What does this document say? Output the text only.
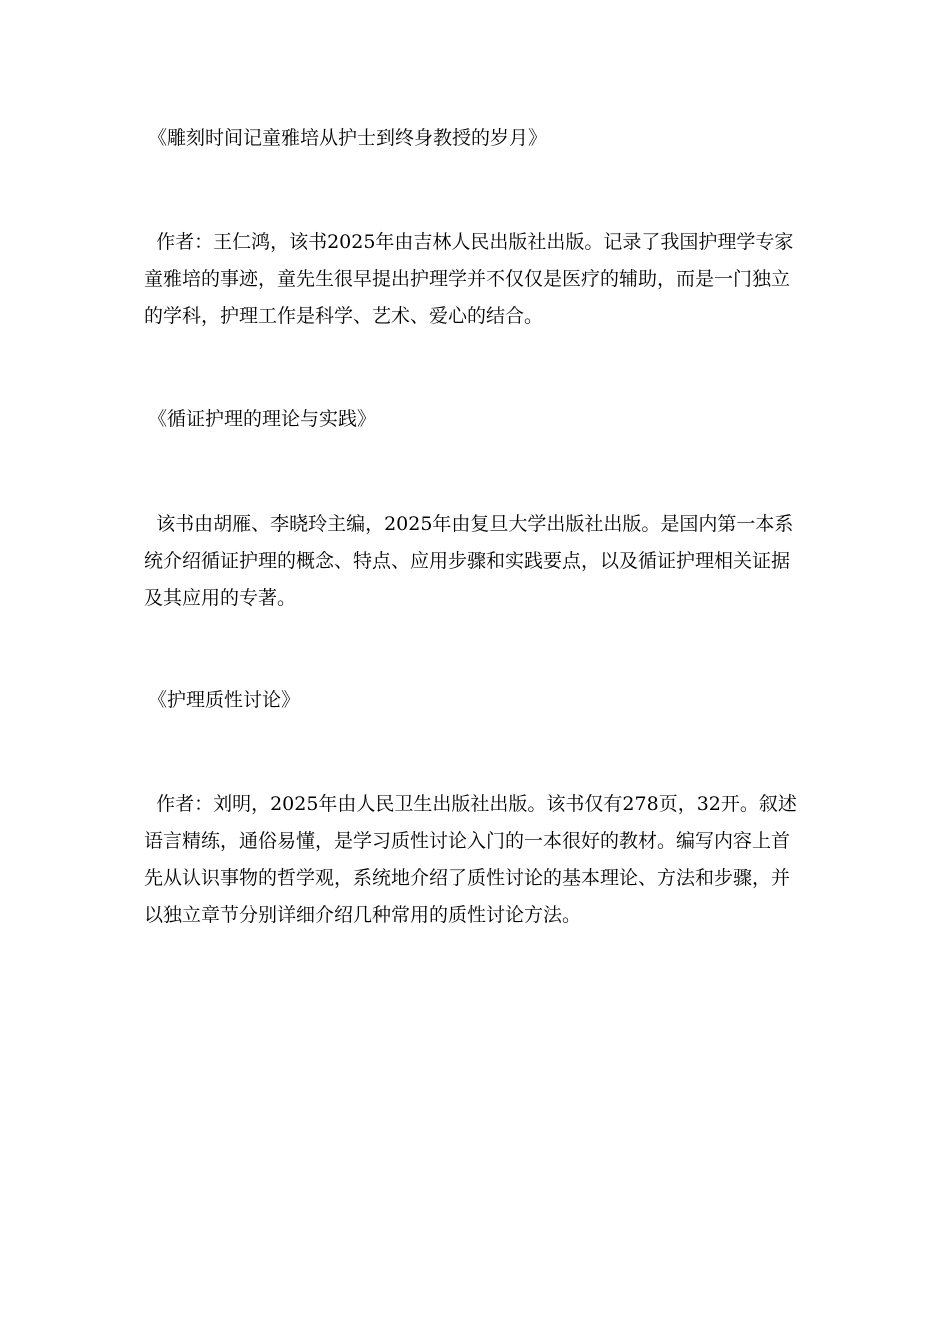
《雕刻时间记童雅培从护士到终身教授的岁月》

作者：王仁鸿，该书2025年由吉林人民出版社出版。记录了我国护理学专家
童雅培的事迹，童先生很早提出护理学并不仅仅是医疗的辅助，而是一门独立
的学科，护理工作是科学、艺术、爱心的结合。

《循证护理的理论与实践》

该书由胡雁、李晓玲主编，2025年由复旦大学出版社出版。是国内第一本系
统介绍循证护理的概念、特点、应用步骤和实践要点，以及循证护理相关证据
及其应用的专著。

《护理质性讨论》

作者：刘明，2025年由人民卫生出版社出版。该书仅有278页，32开。叙述
语言精练，通俗易懂，是学习质性讨论入门的一本很好的教材。编写内容上首
先从认识事物的哲学观，系统地介绍了质性讨论的基本理论、方法和步骤，并
以独立章节分别详细介绍几种常用的质性讨论方法。
